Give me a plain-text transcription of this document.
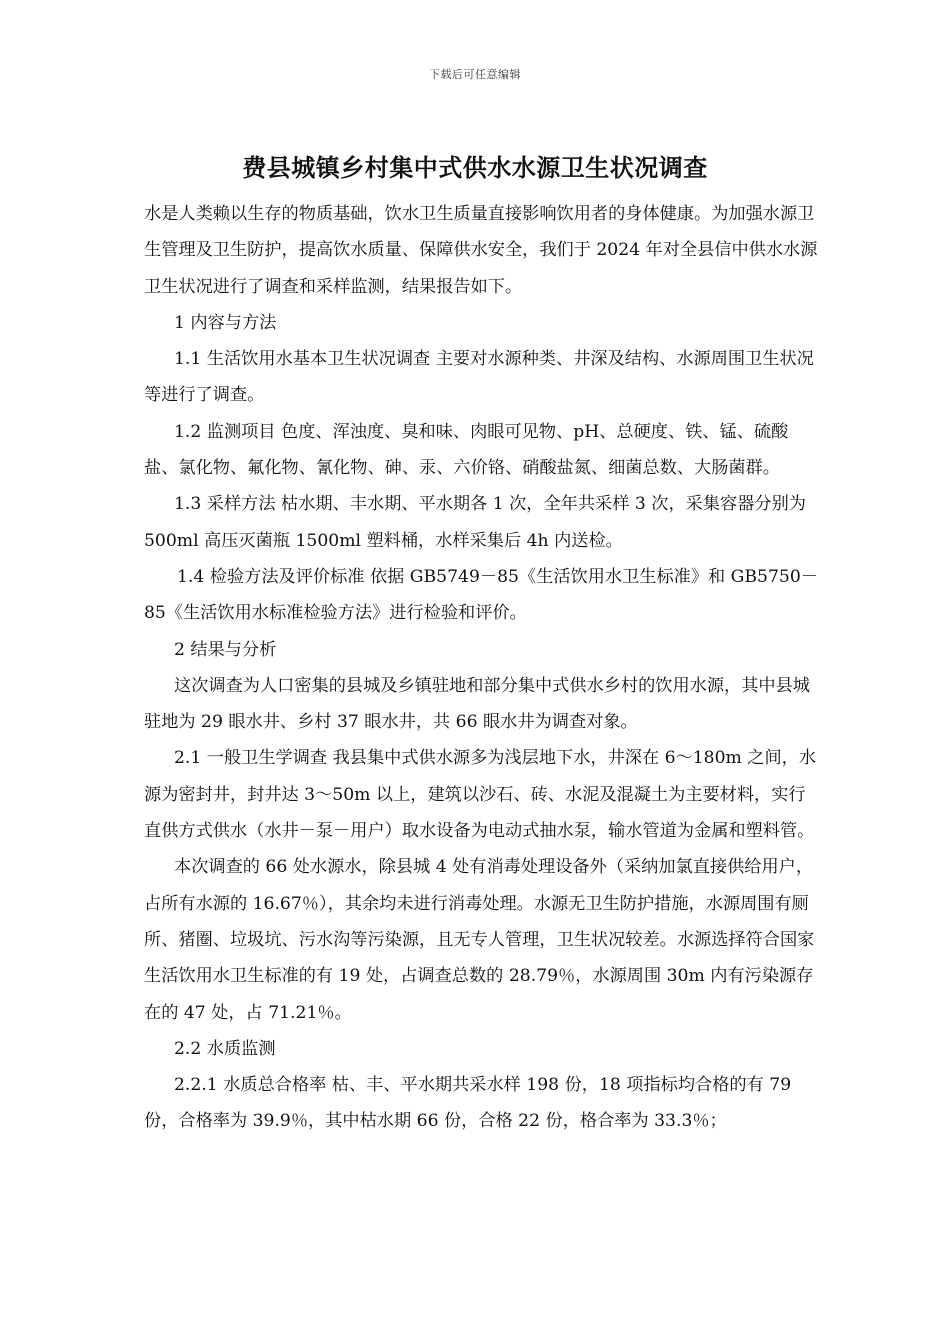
下载后可任意编辑
费县城镇乡村集中式供水水源卫生状况调查

水是人类赖以生存的物质基础，饮水卫生质量直接影响饮用者的身体健康。为加强水源卫生管理及卫生防护，提高饮水质量、保障供水安全，我们于 2024 年对全县信中供水水源卫生状况进行了调查和采样监测，结果报告如下。

1 内容与方法

1.1 生活饮用水基本卫生状况调查 主要对水源种类、井深及结构、水源周围卫生状况等进行了调查。

1.2 监测项目 色度、浑浊度、臭和味、肉眼可见物、pH、总硬度、铁、锰、硫酸盐、氯化物、氟化物、氰化物、砷、汞、六价铬、硝酸盐氮、细菌总数、大肠菌群。

1.3 采样方法 枯水期、丰水期、平水期各 1 次，全年共采样 3 次，采集容器分别为 500ml 高压灭菌瓶 1500ml 塑料桶，水样采集后 4h 内送检。

1.4 检验方法及评价标准 依据 GB5749－85《生活饮用水卫生标准》和 GB5750－85《生活饮用水标准检验方法》进行检验和评价。

2 结果与分析

这次调查为人口密集的县城及乡镇驻地和部分集中式供水乡村的饮用水源，其中县城驻地为 29 眼水井、乡村 37 眼水井，共 66 眼水井为调查对象。

2.1 一般卫生学调查 我县集中式供水源多为浅层地下水，井深在 6～180m 之间，水源为密封井，封井达 3～50m 以上，建筑以沙石、砖、水泥及混凝土为主要材料，实行直供方式供水（水井－泵－用户）取水设备为电动式抽水泵，输水管道为金属和塑料管。

本次调查的 66 处水源水，除县城 4 处有消毒处理设备外（采纳加氯直接供给用户，占所有水源的 16.67％），其余均未进行消毒处理。水源无卫生防护措施，水源周围有厕所、猪圈、垃圾坑、污水沟等污染源，且无专人管理，卫生状况较差。水源选择符合国家生活饮用水卫生标准的有 19 处，占调查总数的 28.79％，水源周围 30m 内有污染源存在的 47 处，占 71.21％。

2.2 水质监测

2.2.1 水质总合格率 枯、丰、平水期共采水样 198 份，18 项指标均合格的有 79 份，合格率为 39.9％，其中枯水期 66 份，合格 22 份，格合率为 33.3％；
